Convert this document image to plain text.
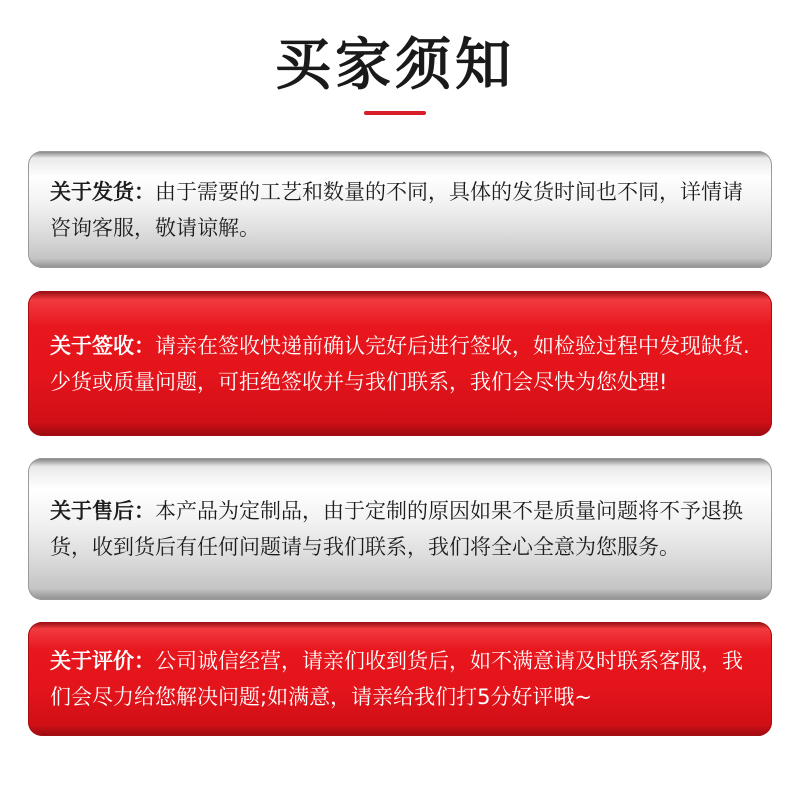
买家须知

关于发货：由于需要的工艺和数量的不同，具体的发货时间也不同，详情请咨询客服，敬请谅解。

关于签收：请亲在签收快递前确认完好后进行签收，如检验过程中发现缺货.少货或质量问题，可拒绝签收并与我们联系，我们会尽快为您处理!

关于售后：本产品为定制品，由于定制的原因如果不是质量问题将不予退换货，收到货后有任何问题请与我们联系，我们将全心全意为您服务。

关于评价：公司诚信经营，请亲们收到货后，如不满意请及时联系客服，我们会尽力给您解决问题;如满意，请亲给我们打5分好评哦~
